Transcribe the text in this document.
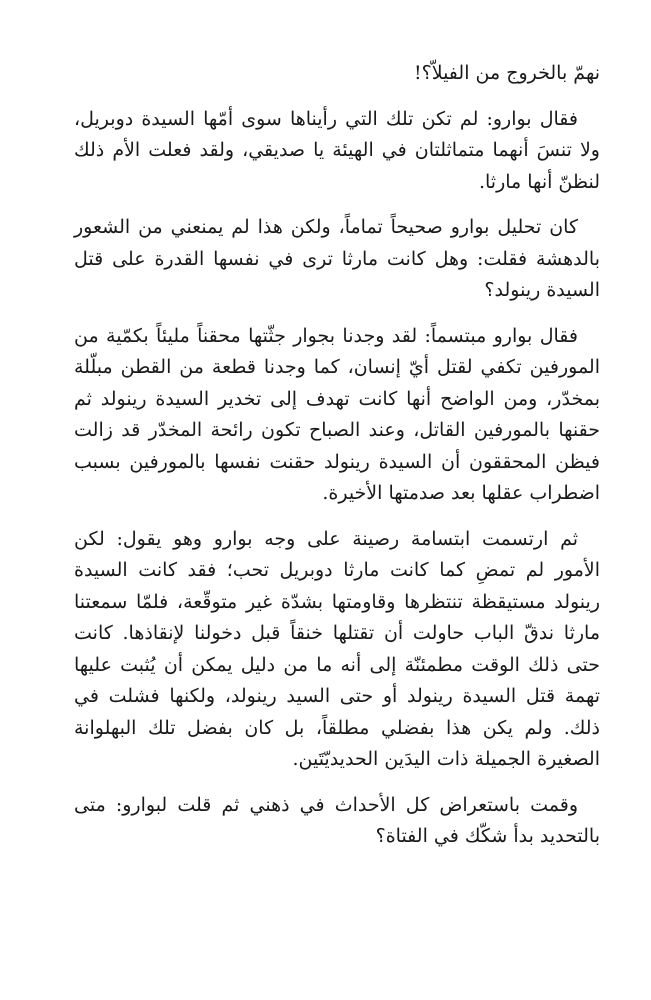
نهمّ بالخروج من الفيلاّ؟!

فقال بوارو: لم تكن تلك التي رأيناها سوى أمّها السيدة دوبريل، ولا تنسَ أنهما متماثلتان في الهيئة يا صديقي، ولقد فعلت الأم ذلك لنظنّ أنها مارثا.

كان تحليل بوارو صحيحاً تماماً، ولكن هذا لم يمنعني من الشعور بالدهشة فقلت: وهل كانت مارثا ترى في نفسها القدرة على قتل السيدة رينولد؟

فقال بوارو مبتسماً: لقد وجدنا بجوار جثّتها محقناً مليئاً بكمّية من المورفين تكفي لقتل أيّ إنسان، كما وجدنا قطعة من القطن مبلّلة بمخدّر، ومن الواضح أنها كانت تهدف إلى تخدير السيدة رينولد ثم حقنها بالمورفين القاتل، وعند الصباح تكون رائحة المخدّر قد زالت فيظن المحققون أن السيدة رينولد حقنت نفسها بالمورفين بسبب اضطراب عقلها بعد صدمتها الأخيرة.

ثم ارتسمت ابتسامة رصينة على وجه بوارو وهو يقول: لكن الأمور لم تمضِ كما كانت مارثا دوبريل تحب؛ فقد كانت السيدة رينولد مستيقظة تنتظرها وقاومتها بشدّة غير متوقّعة، فلمّا سمعتنا مارثا ندقّ الباب حاولت أن تقتلها خنقاً قبل دخولنا لإنقاذها. كانت حتى ذلك الوقت مطمئنّة إلى أنه ما من دليل يمكن أن يُثبت عليها تهمة قتل السيدة رينولد أو حتى السيد رينولد، ولكنها فشلت في ذلك. ولم يكن هذا بفضلي مطلقاً، بل كان بفضل تلك البهلوانة الصغيرة الجميلة ذات اليدَين الحديديّتَين.

وقمت باستعراض كل الأحداث في ذهني ثم قلت لبوارو: متى بالتحديد بدأ شكّك في الفتاة؟
